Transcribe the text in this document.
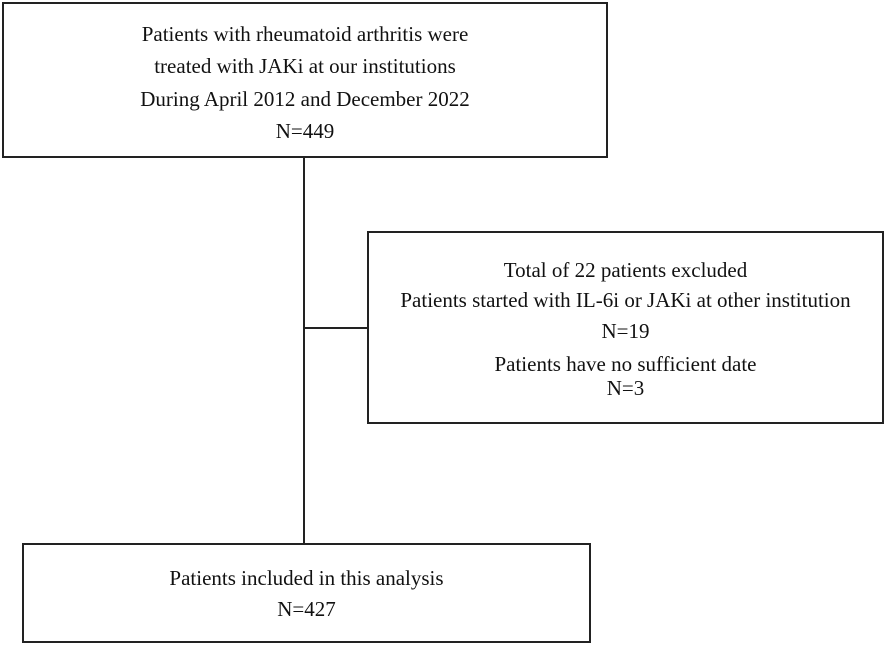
Patients with rheumatoid arthritis were
treated with JAKi at our institutions
During April 2012 and December 2022
N=449
Total of 22 patients excluded
Patients started with IL-6i or JAKi at other institution
N=19
Patients have no sufficient date
N=3
Patients included in this analysis
N=427
